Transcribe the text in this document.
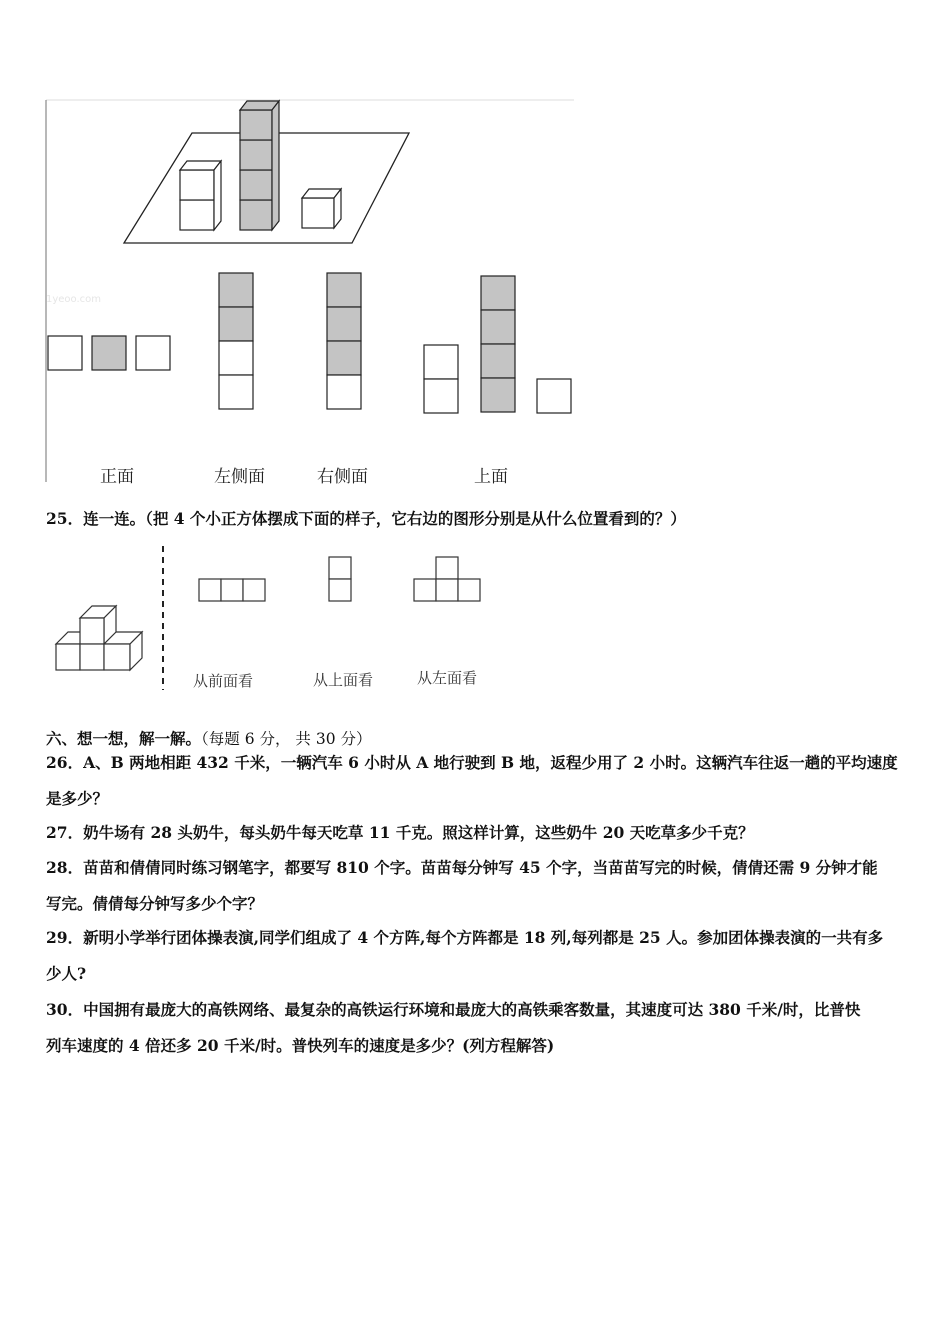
1yeoo.com
正面	左侧面	右侧面	上面
25．连一连。（把 4 个小正方体摆成下面的样子，它右边的图形分别是从什么位置看到的？）
从前面看	从上面看	从左面看
六、想一想，解一解。（每题 6 分， 共 30 分）
26．A、B 两地相距 432 千米，一辆汽车 6 小时从 A 地行驶到 B 地，返程少用了 2 小时。这辆汽车往返一趟的平均速度
是多少？
27．奶牛场有 28 头奶牛，每头奶牛每天吃草 11 千克。照这样计算，这些奶牛 20 天吃草多少千克？
28．苗苗和倩倩同时练习钢笔字，都要写 810 个字。苗苗每分钟写 45 个字，当苗苗写完的时候，倩倩还需 9 分钟才能
写完。倩倩每分钟写多少个字？
29．新明小学举行团体操表演,同学们组成了 4 个方阵,每个方阵都是 18 列,每列都是 25 人。参加团体操表演的一共有多
少人?
30．中国拥有最庞大的高铁网络、最复杂的高铁运行环境和最庞大的高铁乘客数量，其速度可达 380 千米/时，比普快
列车速度的 4 倍还多 20 千米/时。普快列车的速度是多少？(列方程解答)
